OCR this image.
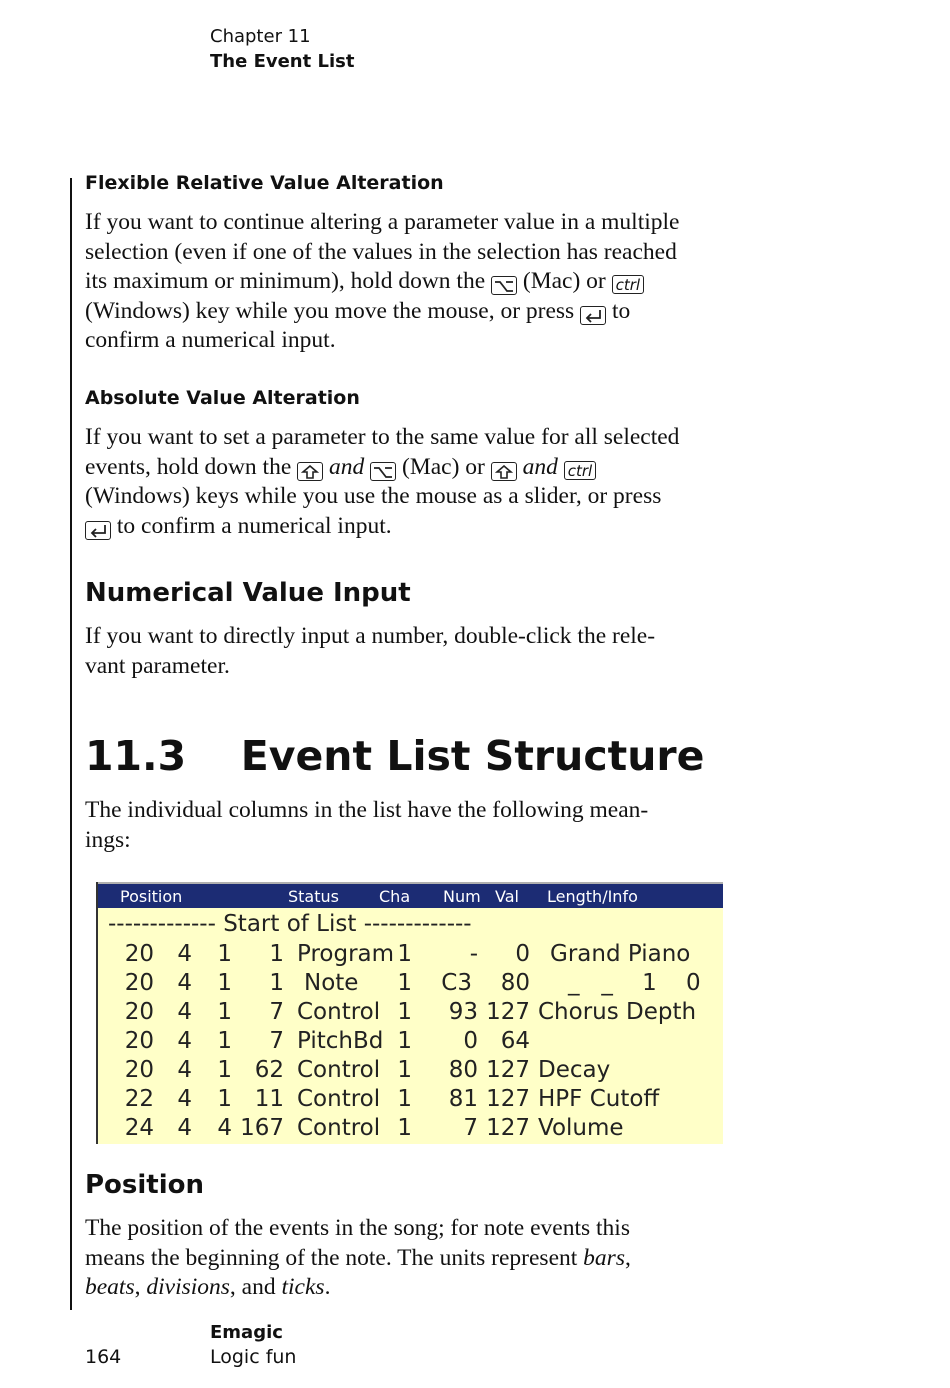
Chapter 11
The Event List
Flexible Relative Value Alteration

If you want to continue altering a parameter value in a multiple

selection (even if one of the values in the selection has reached

its maximum or minimum), hold down the (Mac) or ctrl

(Windows) key while you move the mouse, or press to

confirm a numerical input.

Absolute Value Alteration

If you want to set a parameter to the same value for all selected

events, hold down the and (Mac) or and ctrl

(Windows) keys while you use the mouse as a slider, or press

to confirm a numerical input.

Numerical Value Input

If you want to directly input a number, double-click the rele-

vant parameter.

11.3 Event List Structure

The individual columns in the list have the following mean-

ings:

Position	Status	Cha Num Val Length/Info
------------- Start of List -------------
20	4	1	1 Program 1	-	0 Grand Piano
20	4	1	1 Note	1	C3	80 _   _    1    0
20	4	1	7 Control 1	93 127 Chorus Depth
20	4	1	7 PitchBd 1	0 64
20	4	1 62 Control 1	80 127 Decay
22	4	1 11 Control 1	81 127 HPF Cutoff
24	4	4 167 Control 1	7 127 Volume
Position

The position of the events in the song; for note events this

means the beginning of the note. The units represent bars,

beats, divisions, and ticks.

Emagic
164	Logic fun
